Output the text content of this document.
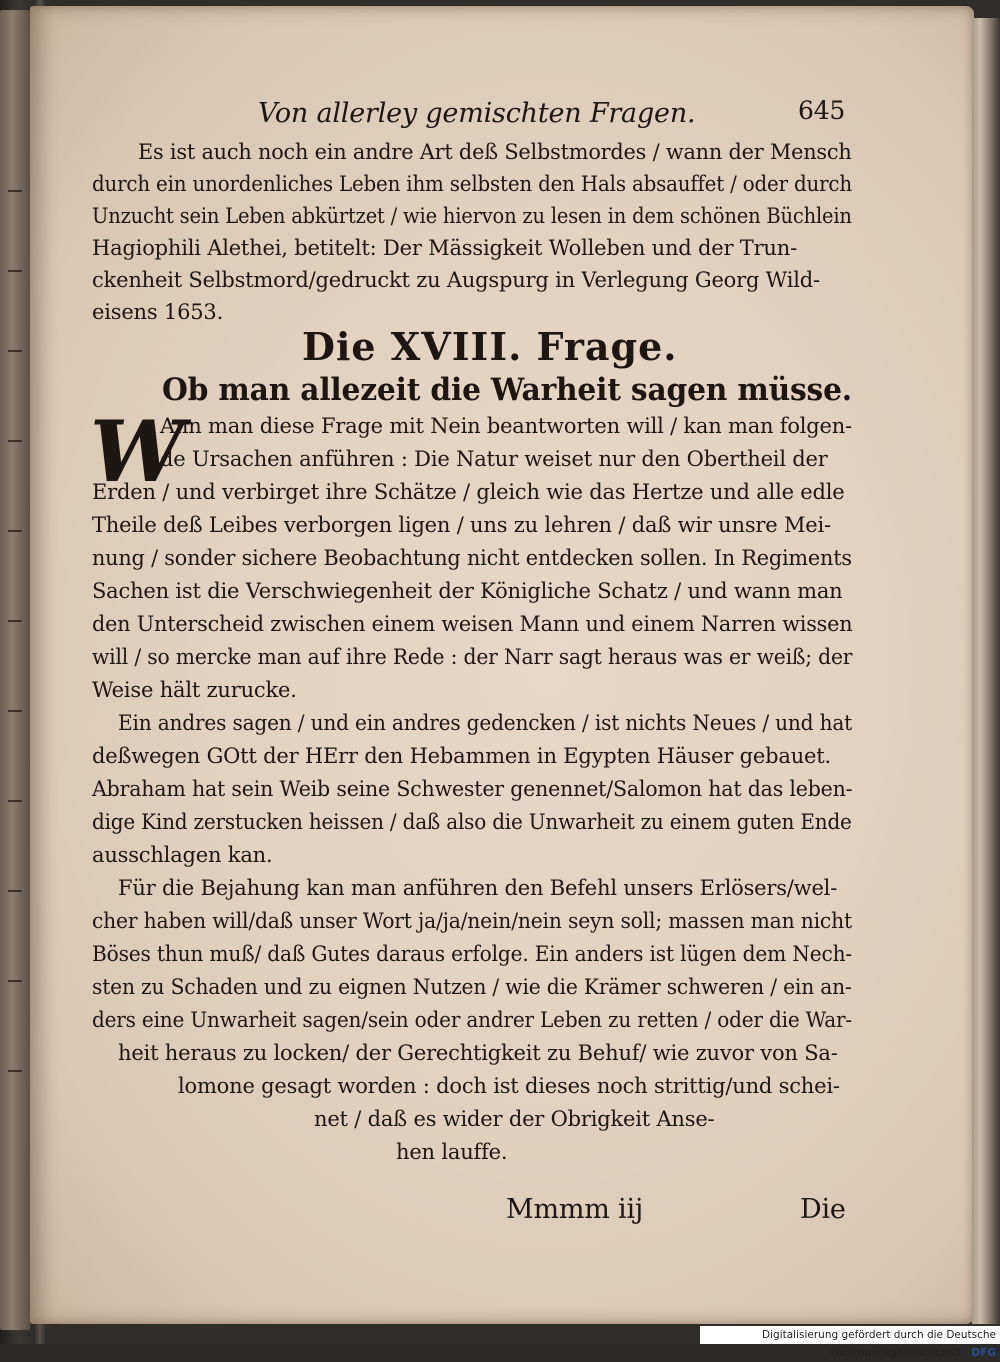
Von allerley gemischten Fragen.	645
Es ist auch noch ein andre Art deß Selbstmordes / wann der Mensch
durch ein unordenliches Leben ihm selbsten den Hals absauffet / oder durch
Unzucht sein Leben abkürtzet / wie hiervon zu lesen in dem schönen Büchlein
Hagiophili Alethei, betitelt: Der Mässigkeit Wolleben und der Trun-
ckenheit Selbstmord/gedruckt zu Augspurg in Verlegung Georg Wild-
eisens 1653.
Die XVIII. Frage.
Ob man allezeit die Warheit sagen müsse.
W
Ann man diese Frage mit Nein beantworten will / kan man folgen-
de Ursachen anführen : Die Natur weiset nur den Obertheil der
Erden / und verbirget ihre Schätze / gleich wie das Hertze und alle edle
Theile deß Leibes verborgen ligen / uns zu lehren / daß wir unsre Mei-
nung / sonder sichere Beobachtung nicht entdecken sollen. In Regiments
Sachen ist die Verschwiegenheit der Königliche Schatz / und wann man
den Unterscheid zwischen einem weisen Mann und einem Narren wissen
will / so mercke man auf ihre Rede : der Narr sagt heraus was er weiß; der
Weise hält zurucke.
Ein andres sagen / und ein andres gedencken / ist nichts Neues / und hat
deßwegen GOtt der HErr den Hebammen in Egypten Häuser gebauet.
Abraham hat sein Weib seine Schwester genennet/Salomon hat das leben-
dige Kind zerstucken heissen / daß also die Unwarheit zu einem guten Ende
ausschlagen kan.
Für die Bejahung kan man anführen den Befehl unsers Erlösers/wel-
cher haben will/daß unser Wort ja/ja/nein/nein seyn soll; massen man nicht
Böses thun muß/ daß Gutes daraus erfolge. Ein anders ist lügen dem Nech-
sten zu Schaden und zu eignen Nutzen / wie die Krämer schweren / ein an-
ders eine Unwarheit sagen/sein oder andrer Leben zu retten / oder die War-
heit heraus zu locken/ der Gerechtigkeit zu Behuf/ wie zuvor von Sa-
lomone gesagt worden : doch ist dieses noch strittig/und schei-
net / daß es wider der Obrigkeit Anse-
hen lauffe.
Mmmm iij	Die
Digitalisierung gefördert durch die Deutsche Forschungsgemeinschaft · DFG
